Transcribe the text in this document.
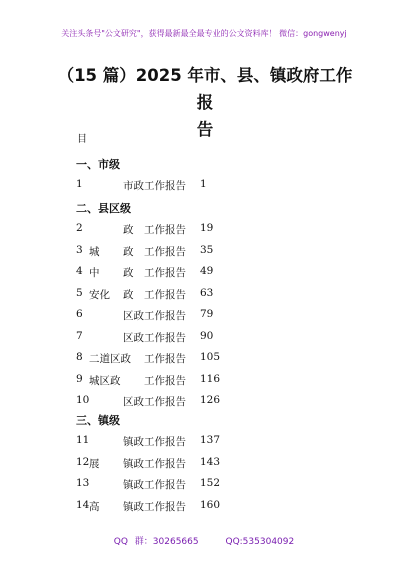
关注头条号"公文研究"，获得最新最全最专业的公文资料库！ 微信：gongwenyj
（15 篇）2025 年市、县、镇政府工作报
告
目
一、市级
1	市政 工作报告 1
二、县区级
2	政 工作报告 19
3 城 政 工作报告 35
4 中 政 工作报告 49
5 安化 政 工作报告 63
6	区政 工作报告 79
7	区政 工作报告 90
8 二道区政 工作报告 105
9 城区政 工作报告 116
10	区政 工作报告 126
三、镇级
11	镇政 工作报告 137
12 展 镇政 工作报告 143
13	镇政 工作报告 152
14 高 镇政 工作报告 160
QQ 群：30265665	QQ:535304092
